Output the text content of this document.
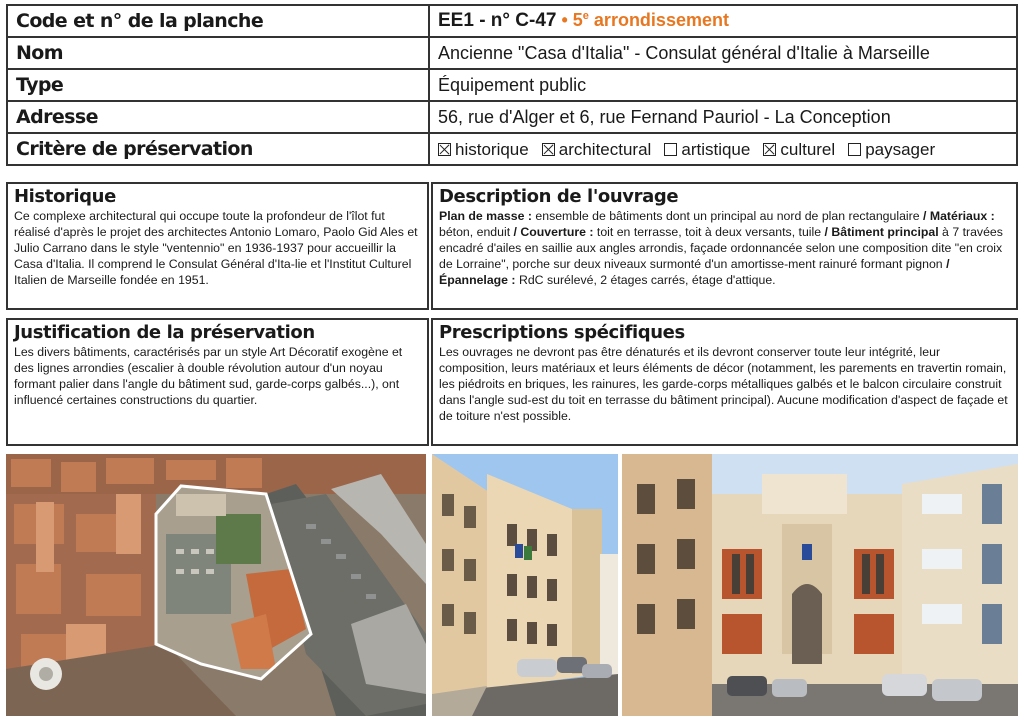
Code et n° de la planche	EE1 - n° C-47 • 5e arrondissement
Nom	Ancienne "Casa d'Italia" - Consulat général d'Italie à Marseille
Type	Équipement public
Adresse	56, rue d'Alger et 6, rue Fernand Pauriol - La Conception
Critère de préservation	historique architectural artistique culturel paysager
Historique

Ce complexe architectural qui occupe toute la profondeur de l'îlot fut réalisé d'après le projet des architectes Antonio Lomaro, Paolo Gid Ales et Julio Carrano dans le style "ventennio" en 1936-1937 pour accueillir la Casa d'Italia. Il comprend le Consulat Général d'Ita-lie et l'Institut Culturel Italien de Marseille fondée en 1951.

Description de l'ouvrage

Plan de masse : ensemble de bâtiments dont un principal au nord de plan rectangulaire / Matériaux : béton, enduit / Couverture : toit en terrasse, toit à deux versants, tuile / Bâtiment principal à 7 travées encadré d'ailes en saillie aux angles arrondis, façade ordonnancée selon une composition dite "en croix de Lorraine", porche sur deux niveaux surmonté d'un amortisse-ment rainuré formant pignon / Épannelage : RdC surélevé, 2 étages carrés, étage d'attique.

Justification de la préservation

Les divers bâtiments, caractérisés par un style Art Décoratif exogène et des lignes arrondies (escalier à double révolution autour d'un noyau formant palier dans l'angle du bâtiment sud, garde-corps galbés...), ont influencé certaines constructions du quartier.

Prescriptions spécifiques

Les ouvrages ne devront pas être dénaturés et ils devront conserver toute leur intégrité, leur composition, leurs matériaux et leurs éléments de décor (notamment, les parements en travertin romain, les piédroits en briques, les rainures, les garde-corps métalliques galbés et le balcon circulaire construit dans l'angle sud-est du toit en terrasse du bâtiment principal). Aucune modification d'aspect de façade et de toiture n'est possible.
